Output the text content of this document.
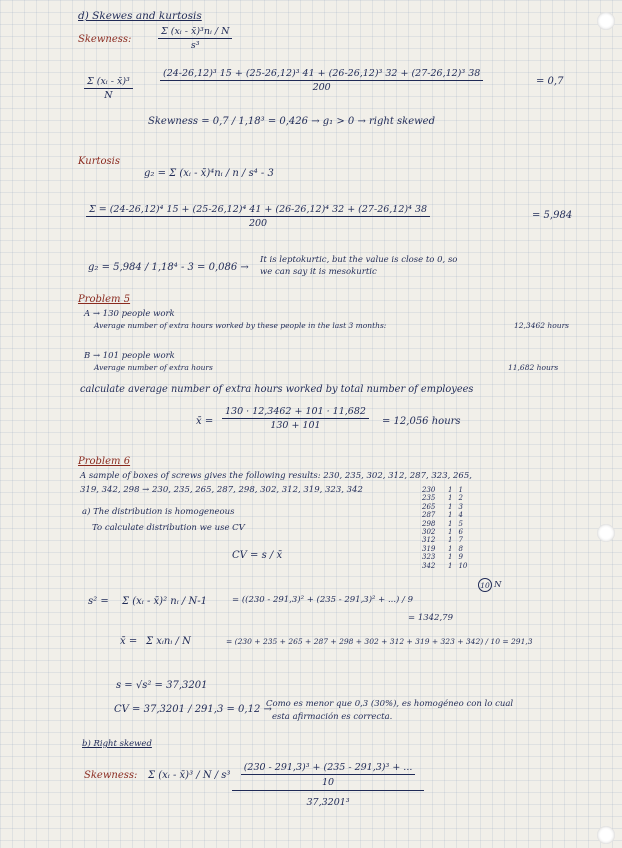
d) Skewes and kurtosis
Skewness:	$\frac{\text{Σ (xᵢ - x̄)³nᵢ / N}}{\text{s³}}$
$\frac{\text{Σ (xᵢ - x̄)³}}{N}$
(24-26,12)³ 15 + (25-26,12)³ 41 + (26-26,12)³ 32 + (27-26,12)³ 38
200
= 0,7
Skewness = 0,7 / 1,18³ = 0,426 → g₁ > 0 → right skewed
Kurtosis
g₂ = Σ (xᵢ - x̄)⁴nᵢ / n / s⁴ - 3
Σ = (24-26,12)⁴ 15 + (25-26,12)⁴ 41 + (26-26,12)⁴ 32 + (27-26,12)⁴ 38
200
= 5,984
g₂ = 5,984 / 1,18⁴ - 3 = 0,086 →
It is leptokurtic, but the value is close to 0, so
we can say it is mesokurtic
Problem 5
A → 130 people work
Average number of extra hours worked by these people in the last 3 months:	12,3462 hours
B → 101 people work
Average number of extra hours	11,682 hours
calculate average number of extra hours worked by total number of employees
x̄ = $\frac{130 \cdot 12,3462 + 101 \cdot 11,682}{130 + 101} = 12,056$ hours
Problem 6
A sample of boxes of screws gives the following results: 230, 235, 302, 312, 287, 323, 265,
319, 342, 298 → 230, 235, 265, 287, 298, 302, 312, 319, 323, 342
a) The distribution is homogeneous
To calculate distribution we use CV
CV = s / x̄
230	1 1
235	1 2
265	1 3
287	1 4
298	1 5
302	1 6
312	1 7
319	1 8
323	1 9
342	1 10
10 N
s² = Σ (xᵢ - x̄)² nᵢ / N-1	= ((230 - 291,3)² + (235 - 291,3)² + ...) / 9
= 1342,79
x̄ = Σ xᵢnᵢ / N	= (230 + 235 + 265 + 287 + 298 + 302 + 312 + 319 + 323 + 342) / 10 = 291,3
s = √s² = 37,3201
CV = 37,3201 / 291,3 = 0,12 →
Como es menor que 0,3 (30%), es homogéneo con lo cual
esta afirmación es correcta.
b) Right skewed
Skewness: Σ (xᵢ - x̄)³ / N / s³
(230 - 291,3)³ + (235 - 291,3)³ + ...
10
37,3201³
